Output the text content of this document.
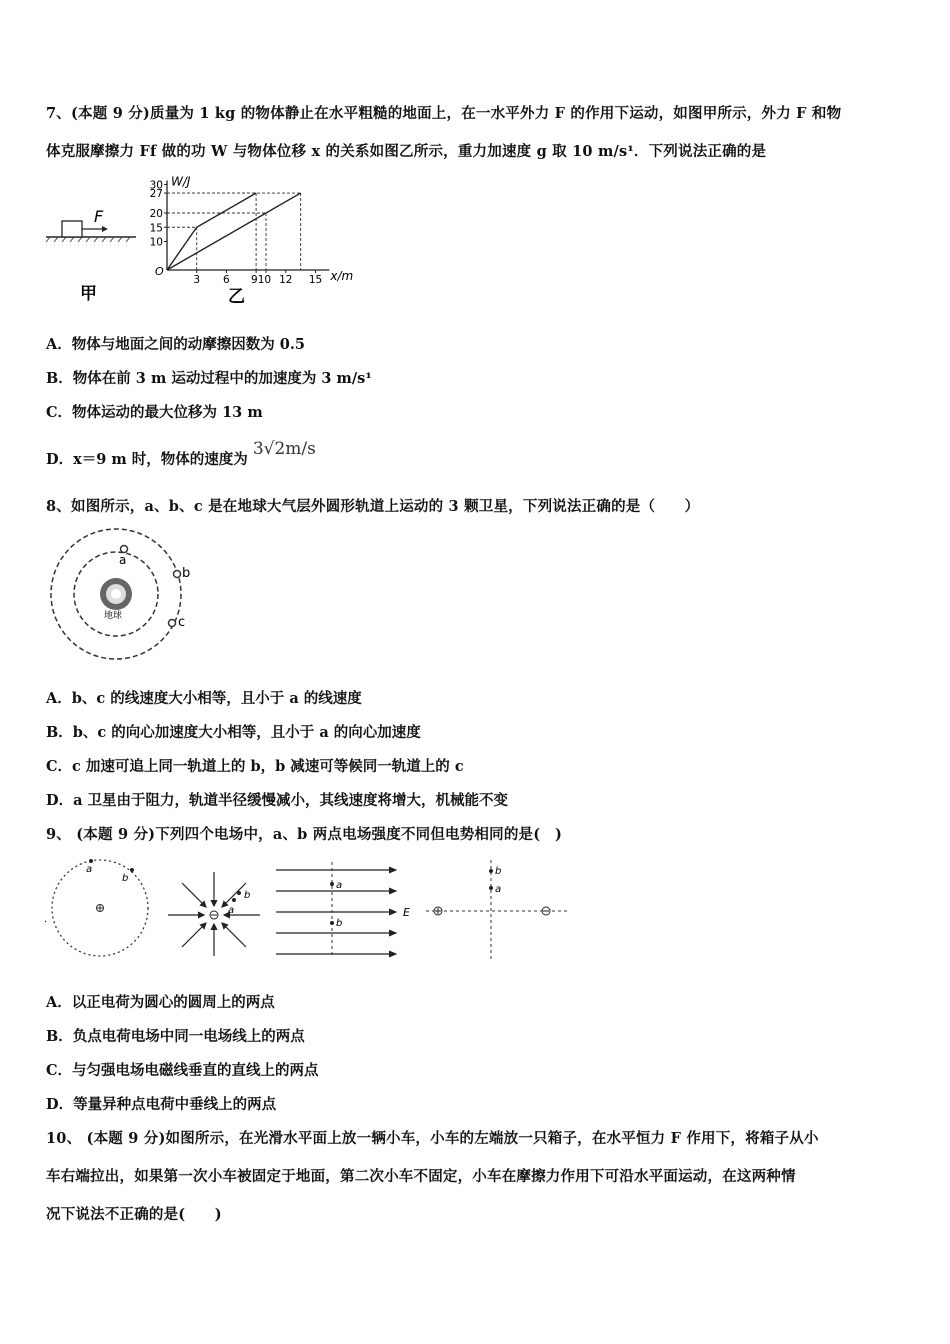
7、(本题 9 分)质量为 1 kg 的物体静止在水平粗糙的地面上，在一水平外力 F 的作用下运动，如图甲所示，外力 F 和物
体克服摩擦力 Ff 做的功 W 与物体位移 x 的关系如图乙所示，重力加速度 g 取 10 m/s¹．下列说法正确的是
F
甲
10
15
20
27
30
3 6 910 12 15
O	x/m
W/J
乙
A．物体与地面之间的动摩擦因数为 0.5
B．物体在前 3 m 运动过程中的加速度为 3 m/s¹
C．物体运动的最大位移为 13 m
D．x＝9 m 时，物体的速度为 3√2m/s
8、如图所示，a、b、c 是在地球大气层外圆形轨道上运动的 3 颗卫星，下列说法正确的是（　　）
地球
a
b
c
A．b、c 的线速度大小相等，且小于 a 的线速度
B．b、c 的向心加速度大小相等，且小于 a 的向心加速度
C．c 加速可追上同一轨道上的 b，b 减速可等候同一轨道上的 c
D．a 卫星由于阻力，轨道半径缓慢减小，其线速度将增大，机械能不变
9、 (本题 9 分)下列四个电场中，a、b 两点电场强度不同但电势相同的是(　)
a
b
.
b
a
a
b
E
b
a
A．以正电荷为圆心的圆周上的两点
B．负点电荷电场中同一电场线上的两点
C．与匀强电场电磁线垂直的直线上的两点
D．等量异种点电荷中垂线上的两点
10、 (本题 9 分)如图所示，在光滑水平面上放一辆小车，小车的左端放一只箱子，在水平恒力 F 作用下，将箱子从小
车右端拉出，如果第一次小车被固定于地面，第二次小车不固定，小车在摩擦力作用下可沿水平面运动，在这两种情
况下说法不正确的是(　　)
